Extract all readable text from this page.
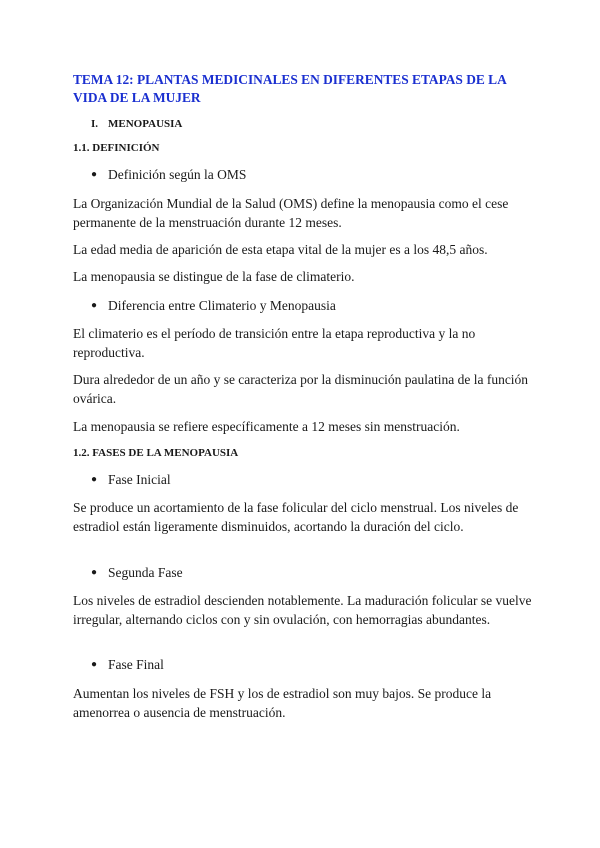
TEMA 12: PLANTAS MEDICINALES EN DIFERENTES ETAPAS DE LA VIDA DE LA MUJER
I. MENOPAUSIA
1.1. DEFINICIÓN
● Definición según la OMS
La Organización Mundial de la Salud (OMS) define la menopausia como el cese permanente de la menstruación durante 12 meses.
La edad media de aparición de esta etapa vital de la mujer es a los 48,5 años.
La menopausia se distingue de la fase de climaterio.
● Diferencia entre Climaterio y Menopausia
El climaterio es el período de transición entre la etapa reproductiva y la no reproductiva.
Dura alrededor de un año y se caracteriza por la disminución paulatina de la función ovárica.
La menopausia se refiere específicamente a 12 meses sin menstruación.
1.2. FASES DE LA MENOPAUSIA
● Fase Inicial
Se produce un acortamiento de la fase folicular del ciclo menstrual. Los niveles de estradiol están ligeramente disminuidos, acortando la duración del ciclo.
● Segunda Fase
Los niveles de estradiol descienden notablemente. La maduración folicular se vuelve irregular, alternando ciclos con y sin ovulación, con hemorragias abundantes.
● Fase Final
Aumentan los niveles de FSH y los de estradiol son muy bajos. Se produce la amenorrea o ausencia de menstruación.
